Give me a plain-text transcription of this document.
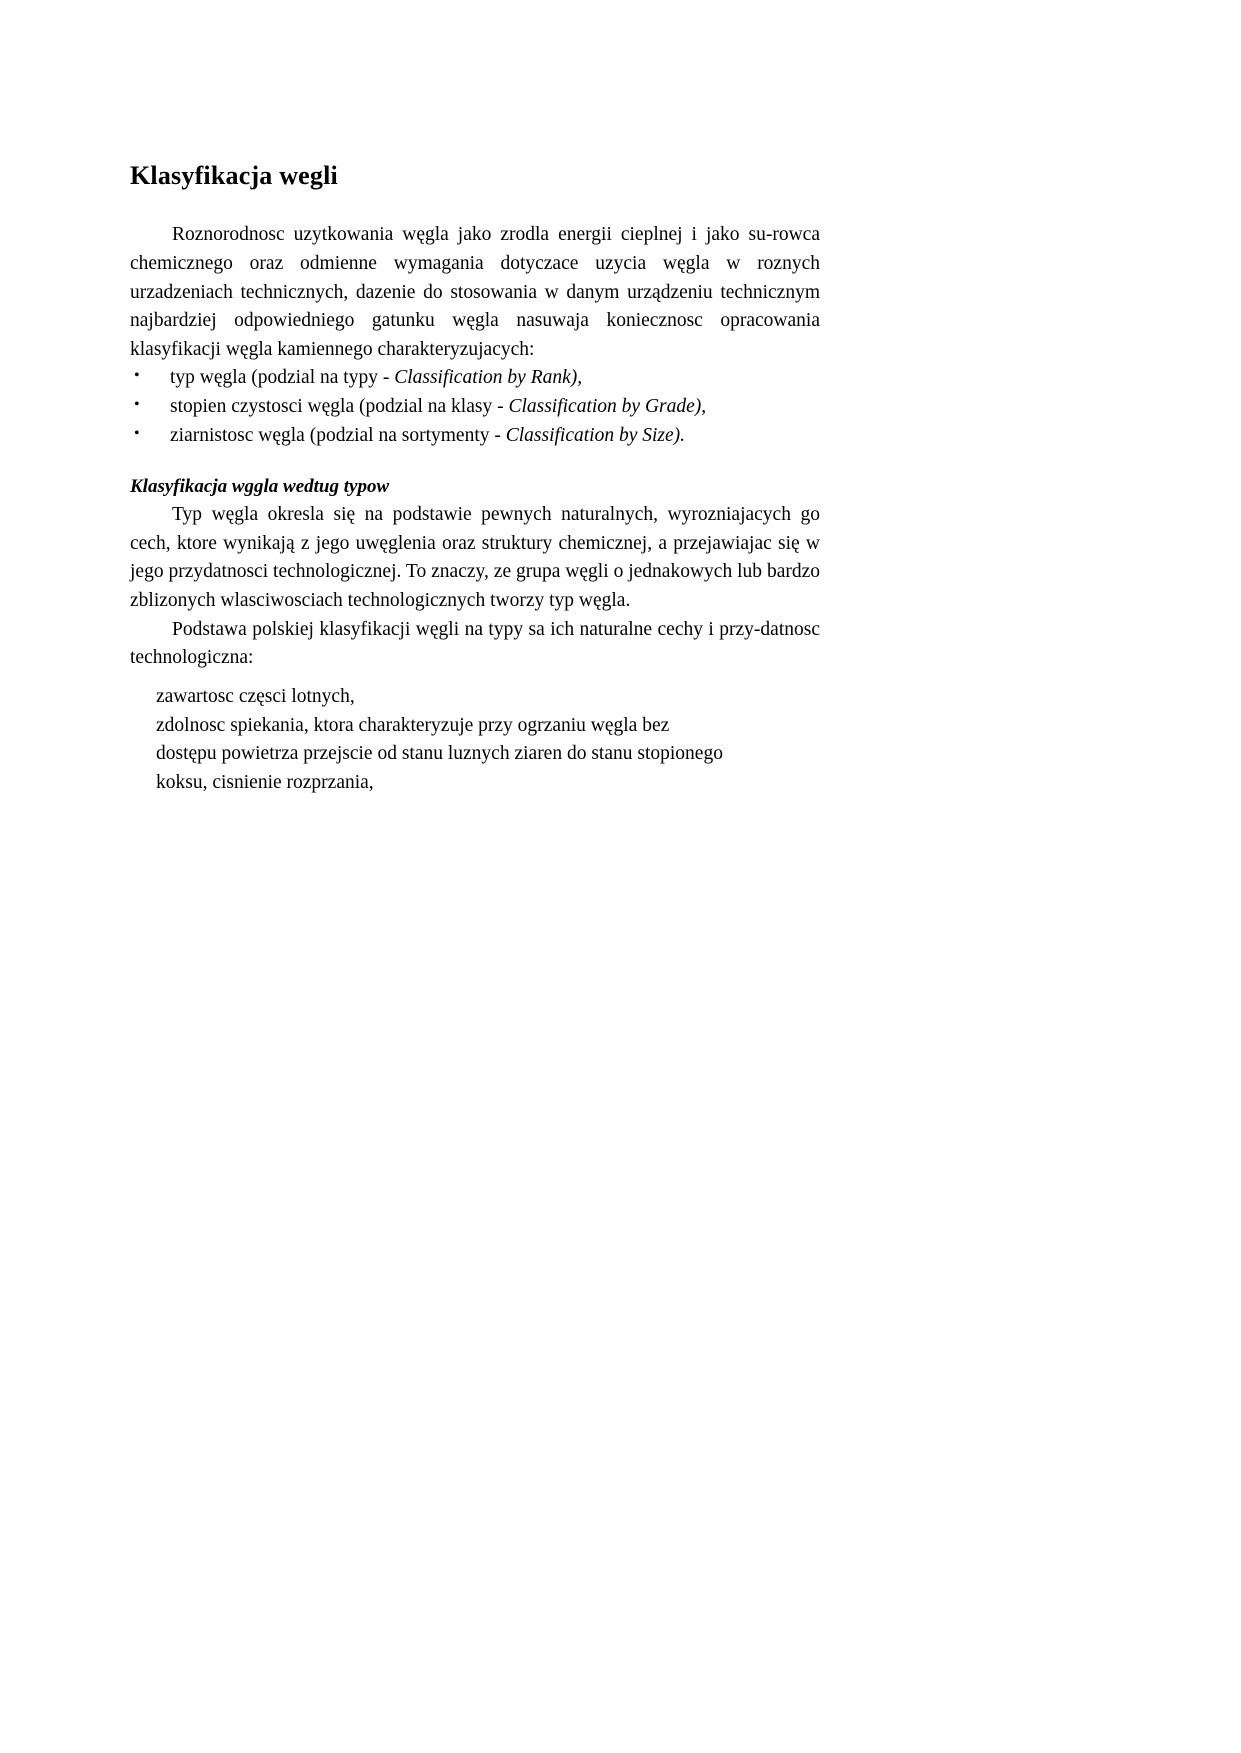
Klasyfikacja wegli

Roznorodnosc uzytkowania węgla jako zrodla energii cieplnej i jako su-rowca chemicznego oraz odmienne wymagania dotyczace uzycia węgla w roznych urzadzeniach technicznych, dazenie do stosowania w danym urządzeniu technicznym najbardziej odpowiedniego gatunku węgla nasuwaja koniecznosc opracowania klasyfikacji węgla kamiennego charakteryzujacych:

• typ węgla (podzial na typy - Classification by Rank),
• stopien czystosci węgla (podzial na klasy - Classification by Grade),
• ziarnistosc węgla (podzial na sortymenty - Classification by Size).

Klasyfikacja wggla wedtug typow

Typ węgla okresla się na podstawie pewnych naturalnych, wyrozniajacych go cech, ktore wynikają z jego uwęglenia oraz struktury chemicznej, a przejawiajac się w jego przydatnosci technologicznej. To znaczy, ze grupa węgli o jednakowych lub bardzo zblizonych wlasciwosciach technologicznych tworzy typ węgla.

Podstawa polskiej klasyfikacji węgli na typy sa ich naturalne cechy i przy-datnosc technologiczna:

zawartosc częsci lotnych,
zdolnosc spiekania, ktora charakteryzuje przy ogrzaniu węgla bez
dostępu powietrza przejscie od stanu luznych ziaren do stanu stopionego
koksu, cisnienie rozprzania,
